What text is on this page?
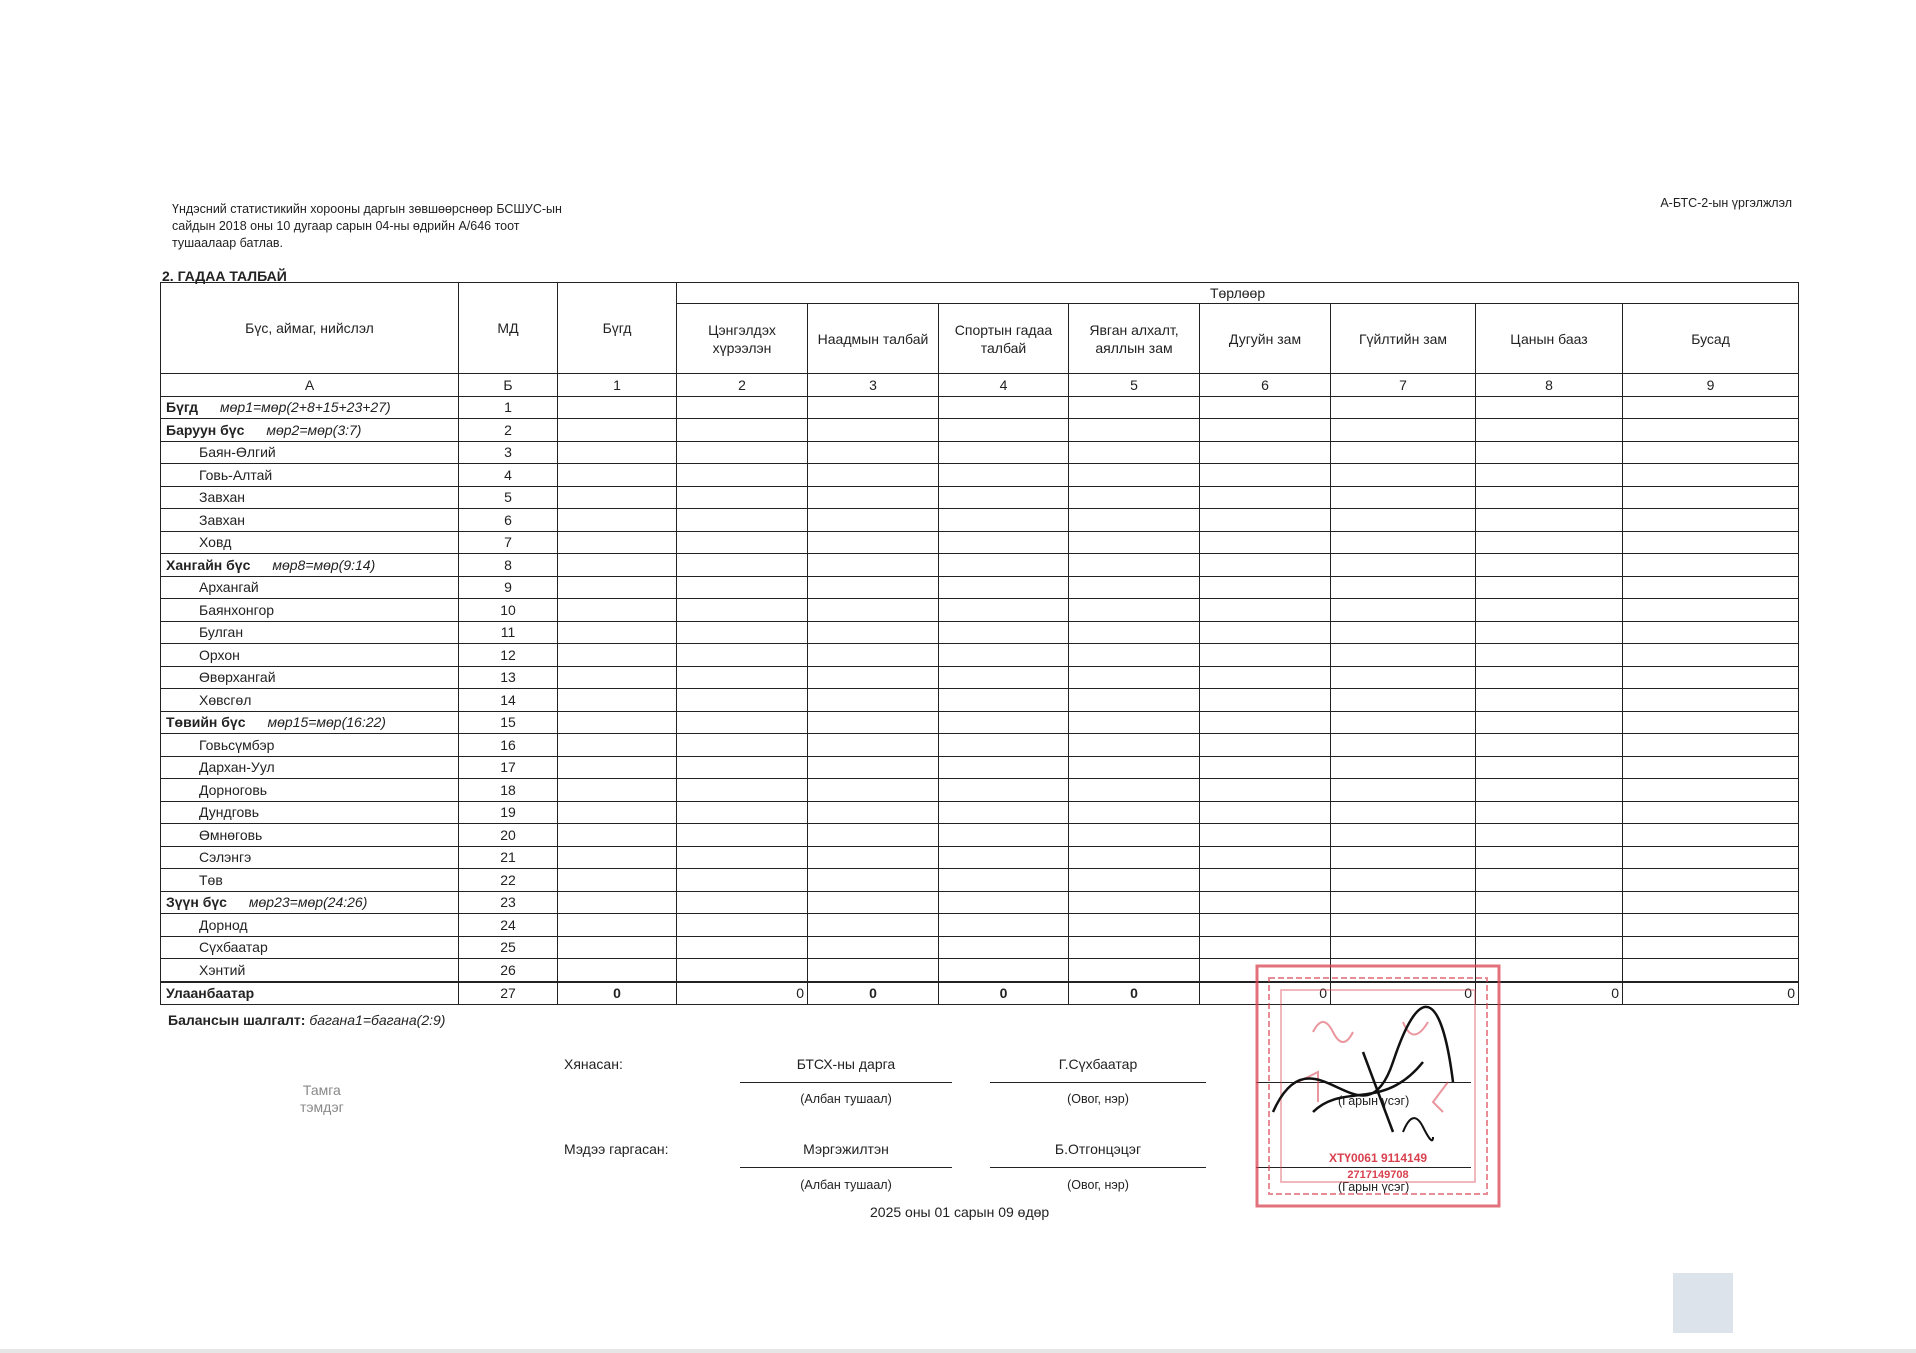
Үндэсний статистикийн хорооны даргын зөвшөөрснөөр БСШУС-ын
сайдын 2018 оны 10 дугаар сарын 04-ны өдрийн А/646 тоот
тушаалаар батлав.
А-БТС-2-ын үргэлжлэл
2. ГАДАА ТАЛБАЙ
Бүс, аймаг, нийслэл	МД	Бүгд	Төрлөөр							
			Цэнгэлдэх хүрээлэн	Наадмын талбай	Спортын гадаа талбай	Явган алхалт, аяллын зам	Дугуйн зам	Гүйлтийн зам	Цанын бааз	Бусад
А	Б	1	2	3	4	5	6	7	8	9
Бүгд мөр1=мөр(2+8+15+23+27)	1									
Баруун бүс мөр2=мөр(3:7)	2									
Баян-Өлгий	3									
Говь-Алтай	4									
Завхан	5									
Завхан	6									
Ховд	7									
Хангайн бүс мөр8=мөр(9:14)	8									
Архангай	9									
Баянхонгор	10									
Булган	11									
Орхон	12									
Өвөрхангай	13									
Хөвсгөл	14									
Төвийн бүс мөр15=мөр(16:22)	15									
Говьсүмбэр	16									
Дархан-Уул	17									
Дорноговь	18									
Дундговь	19									
Өмнөговь	20									
Сэлэнгэ	21									
Төв	22									
Зүүн бүс мөр23=мөр(24:26)	23									
Дорнод	24									
Сүхбаатар	25									
Хэнтий	26									
Улаанбаатар	27	0	0	0	0	0	0	0	0	0
Балансын шалгалт: багана1=багана(2:9)
Тамга
тэмдэг
Хянасан:	БТСХ-ны дарга	Г.Сүхбаатар
(Албан тушаал)	(Овог, нэр)	(Гарын үсэг)
Мэдээ гаргасан:	Мэргэжилтэн	Б.Отгонцэцэг
(Албан тушаал)	(Овог, нэр)	(Гарын үсэг)
2025 оны 01 сарын 09 өдөр
ХТҮ0061 9114149
2717149708
